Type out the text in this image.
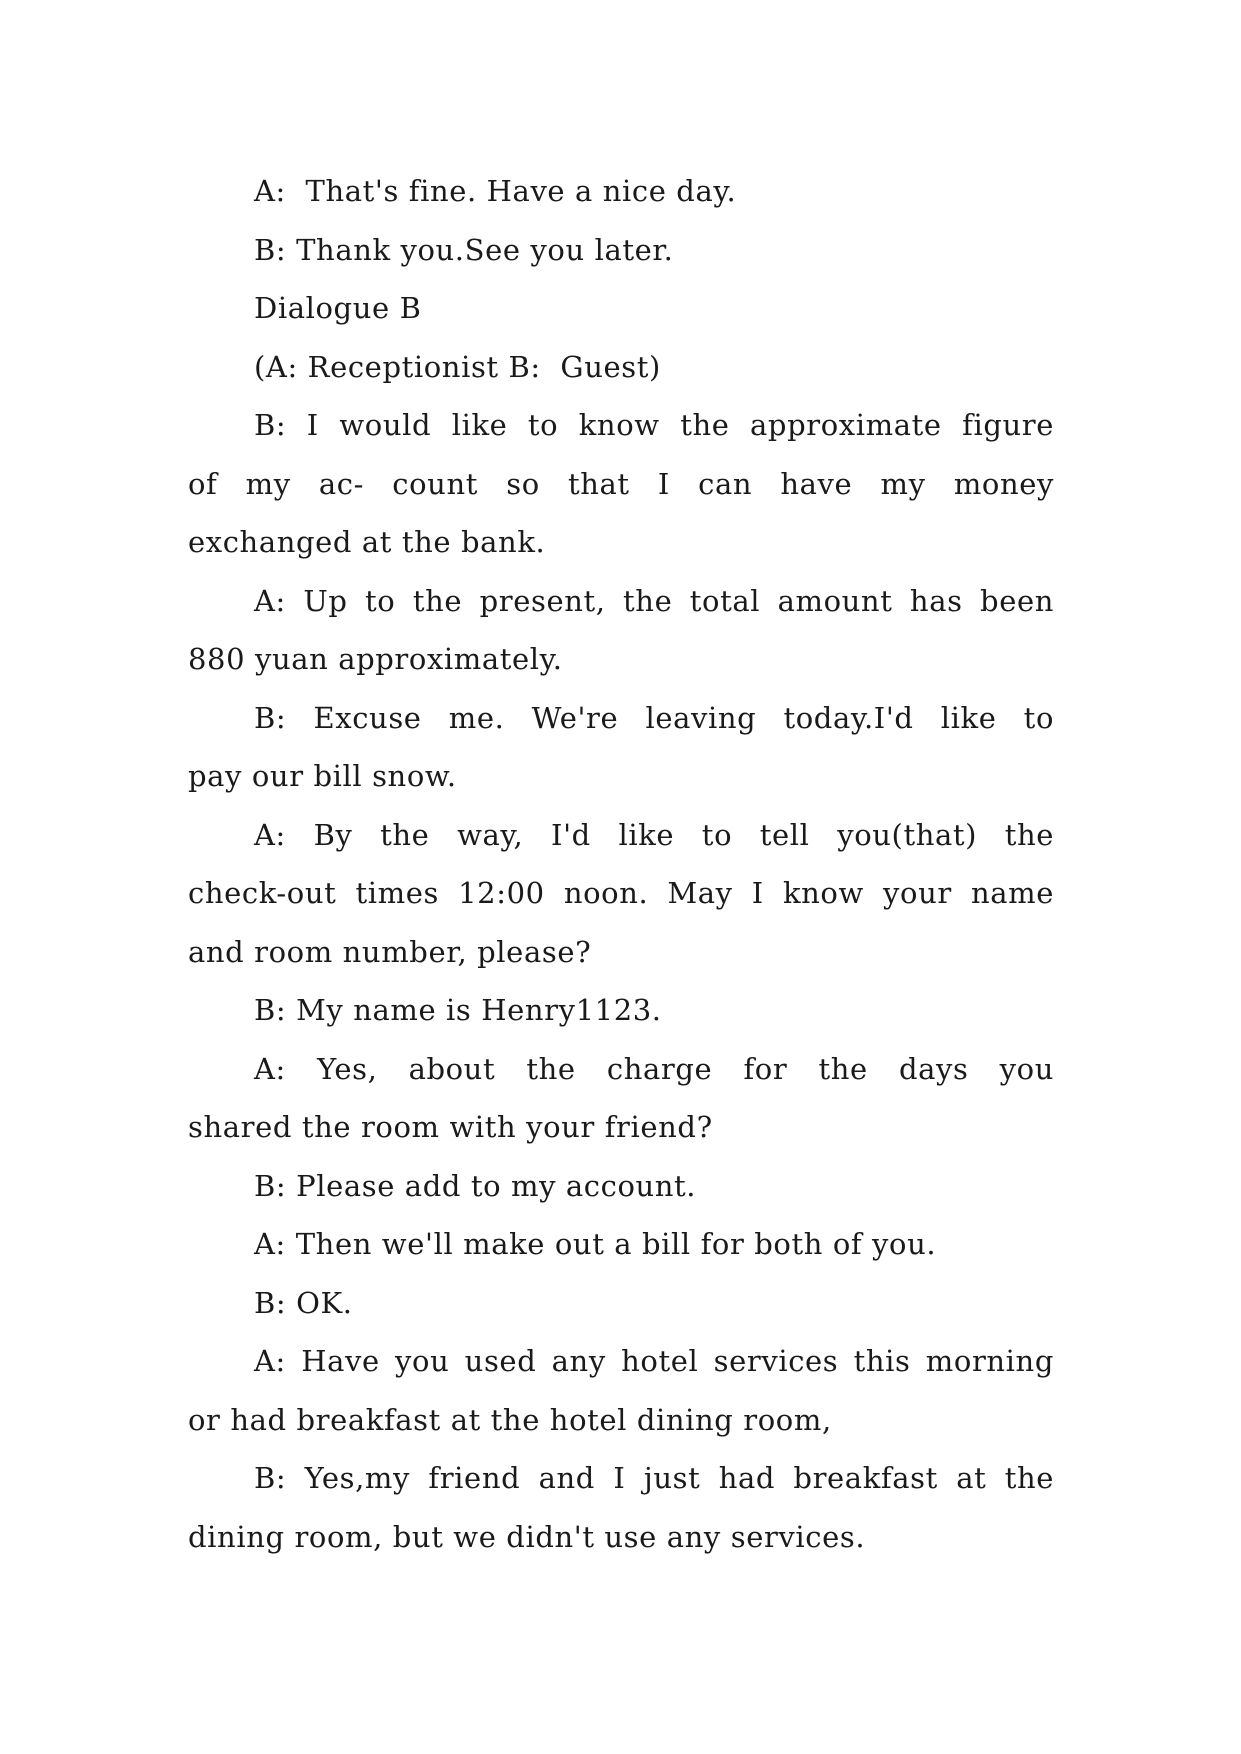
A:  That's fine. Have a nice day.
B: Thank you.See you later.
Dialogue B
(A: Receptionist B:  Guest)
B: I would like to know the approximate figure
of my ac- count so that I can have my money
exchanged at the bank.
A: Up to the present, the total amount has been
880 yuan approximately.
B: Excuse me. We're leaving today.I'd like to
pay our bill snow.
A: By the way, I'd like to tell you(that) the
check-out times 12:00 noon. May I know your name
and room number, please?
B: My name is Henry1123.
A: Yes, about the charge for the days you
shared the room with your friend?
B: Please add to my account.
A: Then we'll make out a bill for both of you.
B: OK.
A: Have you used any hotel services this morning
or had breakfast at the hotel dining room,
B: Yes,my friend and I just had breakfast at the
dining room, but we didn't use any services.
